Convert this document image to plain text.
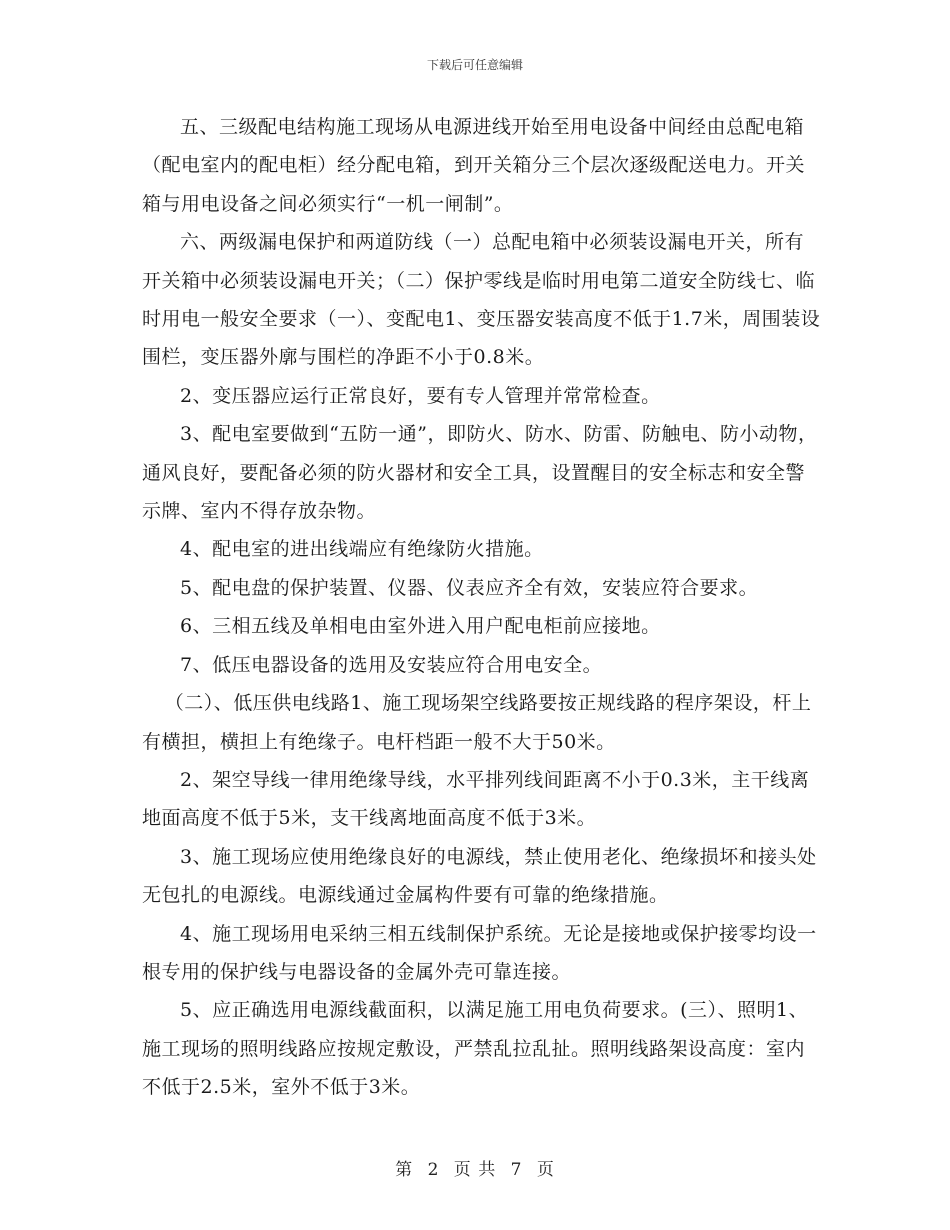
下载后可任意编辑

五、三级配电结构施工现场从电源进线开始至用电设备中间经由总配电箱（配电室内的配电柜）经分配电箱，到开关箱分三个层次逐级配送电力。开关箱与用电设备之间必须实行“一机一闸制”。

六、两级漏电保护和两道防线（一）总配电箱中必须装设漏电开关，所有开关箱中必须装设漏电开关；（二）保护零线是临时用电第二道安全防线七、临时用电一般安全要求（一）、变配电1、变压器安装高度不低于1.7米，周围装设围栏，变压器外廓与围栏的净距不小于0.8米。

2、变压器应运行正常良好，要有专人管理并常常检查。

3、配电室要做到“五防一通”，即防火、防水、防雷、防触电、防小动物，通风良好，要配备必须的防火器材和安全工具，设置醒目的安全标志和安全警示牌、室内不得存放杂物。

4、配电室的进出线端应有绝缘防火措施。

5、配电盘的保护装置、仪器、仪表应齐全有效，安装应符合要求。

6、三相五线及单相电由室外进入用户配电柜前应接地。

7、低压电器设备的选用及安装应符合用电安全。

（二）、低压供电线路1、施工现场架空线路要按正规线路的程序架设，杆上有横担，横担上有绝缘子。电杆档距一般不大于50米。

2、架空导线一律用绝缘导线，水平排列线间距离不小于0.3米，主干线离地面高度不低于5米，支干线离地面高度不低于3米。

3、施工现场应使用绝缘良好的电源线，禁止使用老化、绝缘损坏和接头处无包扎的电源线。电源线通过金属构件要有可靠的绝缘措施。

4、施工现场用电采纳三相五线制保护系统。无论是接地或保护接零均设一根专用的保护线与电器设备的金属外壳可靠连接。

5、应正确选用电源线截面积，以满足施工用电负荷要求。(三）、照明1、施工现场的照明线路应按规定敷设，严禁乱拉乱扯。照明线路架设高度：室内不低于2.5米，室外不低于3米。

第 2 页 共 7 页
